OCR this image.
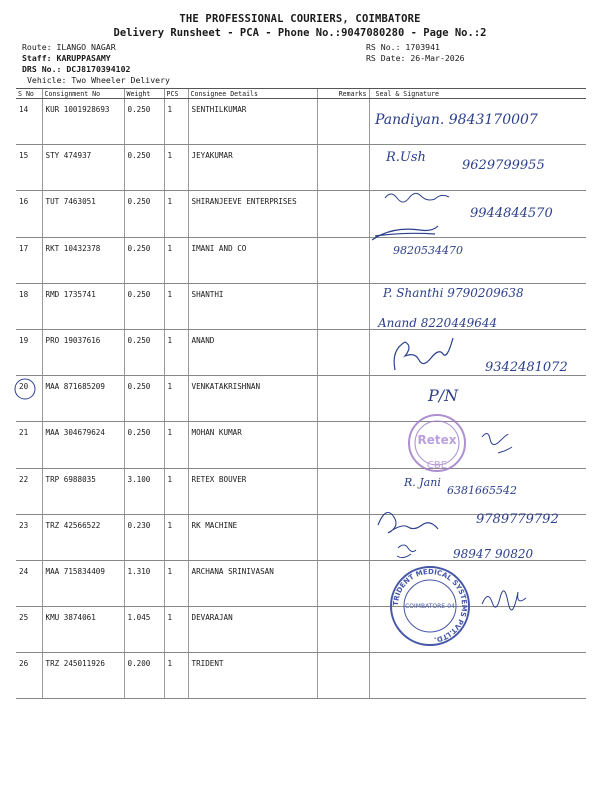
THE PROFESSIONAL COURIERS, COIMBATORE
Delivery Runsheet - PCA - Phone No.:9047080280 - Page No.:2
Route: ILANGO NAGAR
Staff: KARUPPASAMY
DRS No.: DCJ8170394102
Vehicle: Two Wheeler Delivery
RS No.: 1703941
RS Date: 26-Mar-2026
S No	Consignment No	Weight	PCS	Consignee Details	Remarks	Seal & Signature
14	KUR 1001928693	0.250	1	SENTHILKUMAR		
15	STY 474937	0.250	1	JEYAKUMAR		
16	TUT 7463051	0.250	1	SHIRANJEEVE ENTERPRISES		
17	RKT 10432378	0.250	1	IMANI AND CO		
18	RMD 1735741	0.250	1	SHANTHI		
19	PRO 19037616	0.250	1	ANAND		
20	MAA 871685209	0.250	1	VENKATAKRISHNAN		
21	MAA 304679624	0.250	1	MOHAN KUMAR		
22	TRP 6988035	3.100	1	RETEX BOUVER		
23	TRZ 42566522	0.230	1	RK MACHINE		
24	MAA 715834409	1.310	1	ARCHANA SRINIVASAN		
25	KMU 3874061	1.045	1	DEVARAJAN		
26	TRZ 245011926	0.200	1	TRIDENT		
Retex
CBE
TRIDENT MEDICAL SYSTEMS PVT.LTD.
COIMBATORE-04
Pandiyan. 9843170007
R.Ush
9629799955
9944844570
9820534470
P. Shanthi 9790209638
Anand 8220449644
9342481072
P/N
R. Jani
6381665542
9789779792
98947 90820
